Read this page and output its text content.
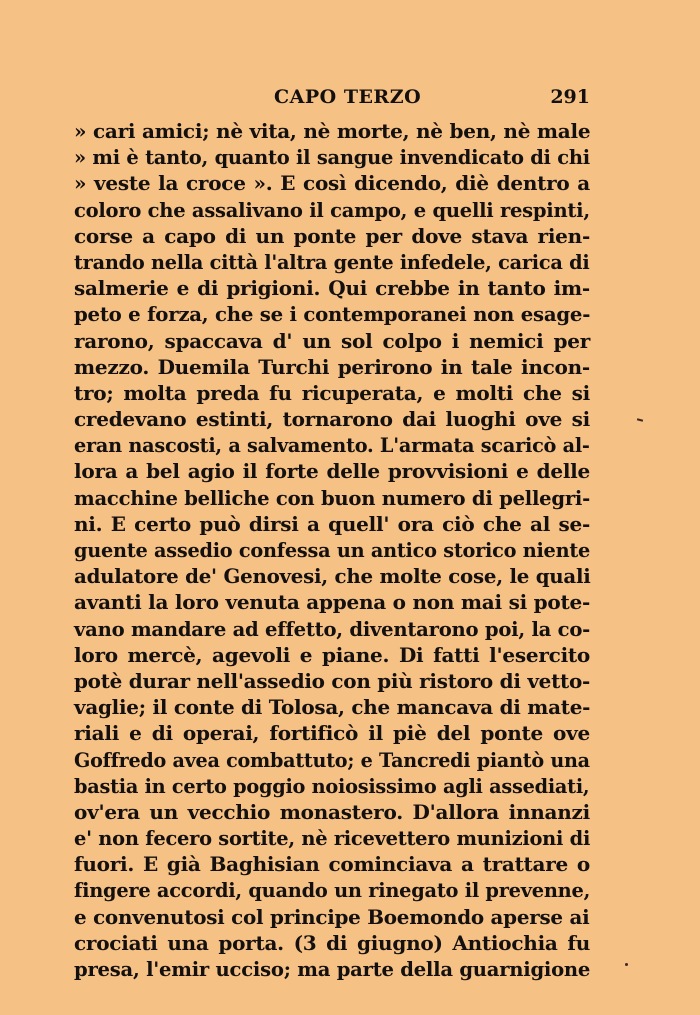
CAPO TERZO	291
» cari amici; nè vita, nè morte, nè ben, nè male
» mi è tanto, quanto il sangue invendicato di chi
» veste la croce ». E così dicendo, diè dentro a
coloro che assalivano il campo, e quelli respinti,
corse a capo di un ponte per dove stava rien-
trando nella città l'altra gente infedele, carica di
salmerie e di prigioni. Qui crebbe in tanto im-
peto e forza, che se i contemporanei non esage-
rarono, spaccava d' un sol colpo i nemici per
mezzo. Duemila Turchi perirono in tale incon-
tro; molta preda fu ricuperata, e molti che si
credevano estinti, tornarono dai luoghi ove si
eran nascosti, a salvamento. L'armata scaricò al-
lora a bel agio il forte delle provvisioni e delle
macchine belliche con buon numero di pellegri-
ni. E certo può dirsi a quell' ora ciò che al se-
guente assedio confessa un antico storico niente
adulatore de' Genovesi, che molte cose, le quali
avanti la loro venuta appena o non mai si pote-
vano mandare ad effetto, diventarono poi, la co-
loro mercè, agevoli e piane. Di fatti l'esercito
potè durar nell'assedio con più ristoro di vetto-
vaglie; il conte di Tolosa, che mancava di mate-
riali e di operai, fortificò il piè del ponte ove
Goffredo avea combattuto; e Tancredi piantò una
bastia in certo poggio noiosissimo agli assediati,
ov'era un vecchio monastero. D'allora innanzi
e' non fecero sortite, nè ricevettero munizioni di
fuori. E già Baghisian cominciava a trattare o
fingere accordi, quando un rinegato il prevenne,
e convenutosi col principe Boemondo aperse ai
crociati una porta. (3 di giugno) Antiochia fu
presa, l'emir ucciso; ma parte della guarnigione
